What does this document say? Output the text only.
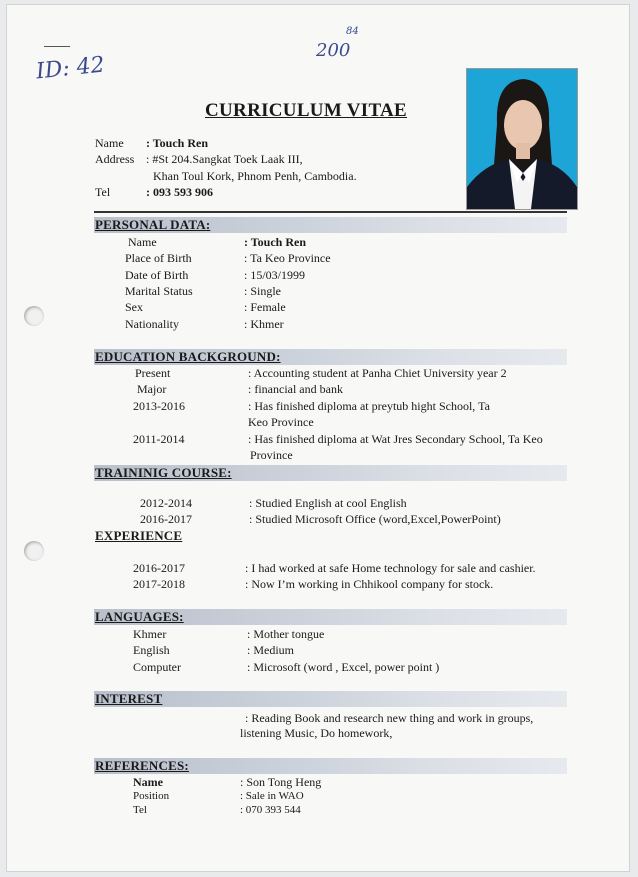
ID: 42
200
84
CURRICULUM VITAE
Name : Touch Ren
Address : #St 204.Sangkat Toek Laak III,
Khan Toul Kork, Phnom Penh, Cambodia.
Tel	: 093 593 906
PERSONAL DATA:
Name	: Touch Ren
Place of Birth	: Ta Keo Province
Date of Birth	: 15/03/1999
Marital Status	: Single
Sex	: Female
Nationality	: Khmer
EDUCATION BACKGROUND:
Present	: Accounting student at Panha Chiet University year 2
Major	: financial and bank
2013-2016	: Has finished diploma at preytub hight School, Ta
Keo Province
2011-2014	: Has finished diploma at Wat Jres Secondary School, Ta Keo
Province
TRAININIG COURSE:
2012-2014	: Studied English at cool English
2016-2017	: Studied Microsoft Office (word,Excel,PowerPoint)
EXPERIENCE
2016-2017	: I had worked at safe Home technology for sale and cashier.
2017-2018	: Now I’m working in Chhikool company for stock.
LANGUAGES:
Khmer	: Mother tongue
English	: Medium
Computer	: Microsoft (word , Excel, power point )
INTEREST
: Reading Book and research new thing and work in groups,
listening Music, Do homework,
REFERENCES:
Name	: Son Tong Heng
Position	: Sale in WAO
Tel	: 070 393 544
